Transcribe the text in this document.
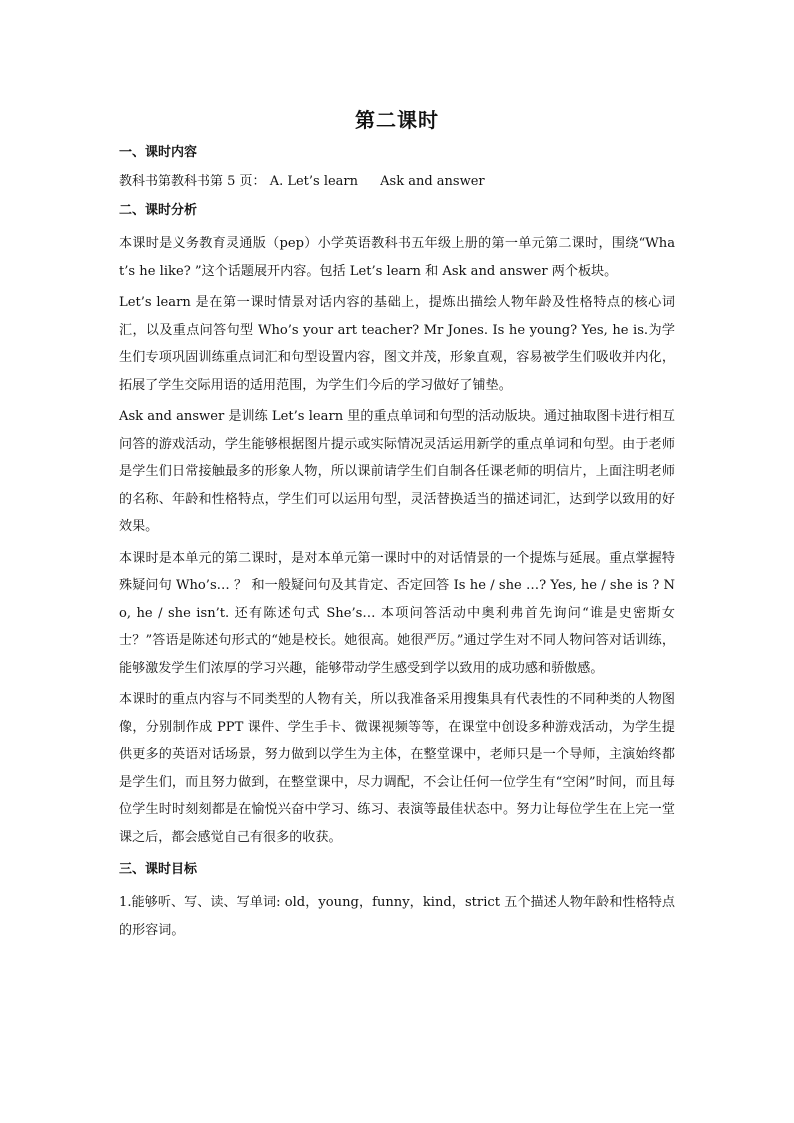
第二课时
一、课时内容
教科书第教科书第 5 页： A. Let’s learn Ask and answer
二、课时分析

本课时是义务教育灵通版（pep）小学英语教科书五年级上册的第一单元第二课时，围绕“What’s he like? ”这个话题展开内容。包括 Let’s learn 和 Ask and answer 两个板块。

Let’s learn 是在第一课时情景对话内容的基础上，提炼出描绘人物年龄及性格特点的核心词汇，以及重点问答句型 Who’s your art teacher? Mr Jones. Is he young? Yes, he is.为学生们专项巩固训练重点词汇和句型设置内容，图文并茂，形象直观，容易被学生们吸收并内化，拓展了学生交际用语的适用范围，为学生们今后的学习做好了铺垫。

Ask and answer 是训练 Let’s learn 里的重点单词和句型的活动版块。通过抽取图卡进行相互问答的游戏活动，学生能够根据图片提示或实际情况灵活运用新学的重点单词和句型。由于老师是学生们日常接触最多的形象人物，所以课前请学生们自制各任课老师的明信片，上面注明老师的名称、年龄和性格特点，学生们可以运用句型，灵活替换适当的描述词汇，达到学以致用的好效果。

本课时是本单元的第二课时，是对本单元第一课时中的对话情景的一个提炼与延展。重点掌握特殊疑问句 Who’s… ？ 和一般疑问句及其肯定、否定回答 Is he / she …? Yes, he / she is ? No, he / she isn’t. 还有陈述句式 She’s… 本项问答活动中奥利弗首先询问“谁是史密斯女士？”答语是陈述句形式的“她是校长。她很高。她很严厉。”通过学生对不同人物问答对话训练，能够激发学生们浓厚的学习兴趣，能够带动学生感受到学以致用的成功感和骄傲感。

本课时的重点内容与不同类型的人物有关，所以我准备采用搜集具有代表性的不同种类的人物图像，分别制作成 PPT 课件、学生手卡、微课视频等等，在课堂中创设多种游戏活动，为学生提供更多的英语对话场景，努力做到以学生为主体，在整堂课中，老师只是一个导师，主演始终都是学生们，而且努力做到，在整堂课中，尽力调配，不会让任何一位学生有“空闲”时间，而且每位学生时时刻刻都是在愉悦兴奋中学习、练习、表演等最佳状态中。努力让每位学生在上完一堂课之后，都会感觉自己有很多的收获。

三、课时目标

1.能够听、写、读、写单词: old，young，funny，kind，strict 五个描述人物年龄和性格特点的形容词。
